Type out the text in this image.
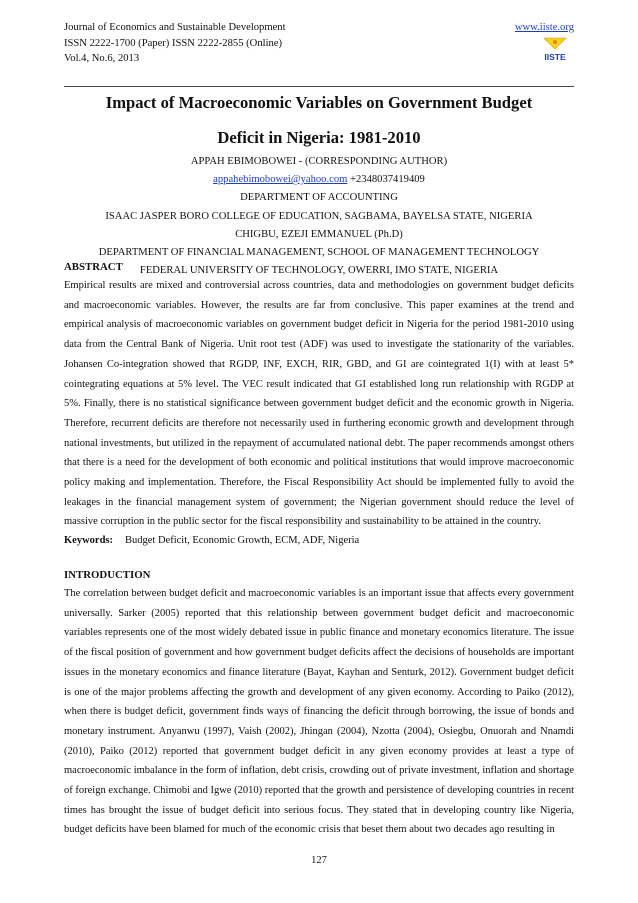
Journal of Economics and Sustainable Development
ISSN 2222-1700 (Paper) ISSN 2222-2855 (Online)
Vol.4, No.6, 2013
www.iiste.org
IISTE
Impact of Macroeconomic Variables on Government Budget
Deficit in Nigeria: 1981-2010
APPAH EBIMOBOWEI - (CORRESPONDING AUTHOR)
appahebimobowei@yahoo.com +2348037419409
DEPARTMENT OF ACCOUNTING
ISAAC JASPER BORO COLLEGE OF EDUCATION, SAGBAMA, BAYELSA STATE, NIGERIA
CHIGBU, EZEJI EMMANUEL (Ph.D)
DEPARTMENT OF FINANCIAL MANAGEMENT, SCHOOL OF MANAGEMENT TECHNOLOGY
FEDERAL UNIVERSITY OF TECHNOLOGY, OWERRI, IMO STATE, NIGERIA
ABSTRACT

Empirical results are mixed and controversial across countries, data and methodologies on government budget deficits and macroeconomic variables. However, the results are far from conclusive. This paper examines at the trend and empirical analysis of macroeconomic variables on government budget deficit in Nigeria for the period 1981-2010 using data from the Central Bank of Nigeria. Unit root test (ADF) was used to investigate the stationarity of the variables. Johansen Co-integration showed that RGDP, INF, EXCH, RIR, GBD, and GI are cointegrated 1(I) with at least 5* cointegrating equations at 5% level. The VEC result indicated that GI established long run relationship with RGDP at 5%. Finally, there is no statistical significance between government budget deficit and the economic growth in Nigeria. Therefore, recurrent deficits are therefore not necessarily used in furthering economic growth and development through national investments, but utilized in the repayment of accumulated national debt. The paper recommends amongst others that there is a need for the development of both economic and political institutions that would improve macroeconomic policy making and implementation. Therefore, the Fiscal Responsibility Act should be implemented fully to avoid the leakages in the financial management system of government; the Nigerian government should reduce the level of massive corruption in the public sector for the fiscal responsibility and sustainability to be attained in the country.

Keywords: Budget Deficit, Economic Growth, ECM, ADF, Nigeria
INTRODUCTION

The correlation between budget deficit and macroeconomic variables is an important issue that affects every government universally. Sarker (2005) reported that this relationship between government budget deficit and macroeconomic variables represents one of the most widely debated issue in public finance and monetary economics literature. The issue of the fiscal position of government and how government budget deficits affect the decisions of households are important issues in the monetary economics and finance literature (Bayat, Kayhan and Senturk, 2012). Government budget deficit is one of the major problems affecting the growth and development of any given economy. According to Paiko (2012), when there is budget deficit, government finds ways of financing the deficit through borrowing, the issue of bonds and monetary instrument. Anyanwu (1997), Vaish (2002), Jhingan (2004), Nzotta (2004), Osiegbu, Onuorah and Nnamdi (2010), Paiko (2012) reported that government budget deficit in any given economy provides at least a type of macroeconomic imbalance in the form of inflation, debt crisis, crowding out of private investment, inflation and shortage of foreign exchange. Chimobi and Igwe (2010) reported that the growth and persistence of developing countries in recent times has brought the issue of budget deficit into serious focus. They stated that in developing country like Nigeria, budget deficits have been blamed for much of the economic crisis that beset them about two decades ago resulting in

127
